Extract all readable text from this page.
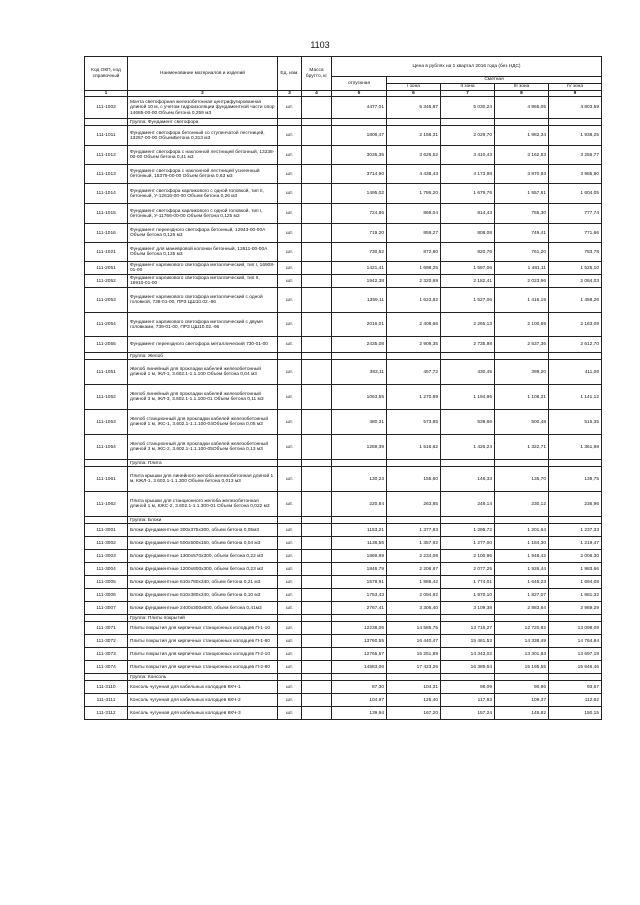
1103
Код ОКП, код справочный	Наименование материалов и изделий	Ед. изм.	Масса брутто, кг	Цена в рублях на 1 квартал 2016 года (без НДС)				
				отпускная	Сметная			
					I зона	II зона	III зона	IV зона
1	2	3	4	5	6	7	8	9
111-1002	Мачта светофорная железобетонная центрифугированная длиной 10 м, с учетом гидроизоляции фундаментной части опор 14685-00-00 Объем бетона 0,259 м3	шт.		4477,01	5 346,87	5 030,24	4 965,05	4 803,59
	Группа: Фундамент светофора							
111-1011	Фундамент светофора бетонный со ступенчатой лестницей, 13257-00-00 ОбъемБетона 0,313 м3	шт.		1806,47	2 158,31	2 029,70	1 982,34	1 938,25
111-1012	Фундамент светофора с наклонной лестницей бетонный, 13238-00-00 Объем бетона 0,41 м3	шт.		3035,35	3 626,52	3 410,43	3 162,83	3 256,77
111-1013	Фундамент светофора с наклонной лестницей усиленный бетонный, 15379-00-00 Объем бетона 0,63 м3	шт.		3714,90	4 438,43	4 173,98	3 870,93	3 985,90
111-1014	Фундамент светофора карликового с одной головкой, тип II, бетонный, У-12616-00-00 Объем бетона 0,26 м3	шт.		1495,02	1 786,20	1 679,76	1 557,81	1 604,05
111-1015	Фундамент светофора карликового с одной головкой, тип I, бетонный, У-11766-00-00 Объем бетона 0,125 м3	шт.		724,86	866,04	814,43	755,30	777,74
111-1016	Фундамент переездного светофора бетонный, 12943-00-00А Объем бетона 0,125 м3	шт.		719,20	859,27	808,08	749,41	771,66
111-1021	Фундамент для маневровой колонки бетонный, 12611-00-00А Объем бетона 0,125 м3	шт.		730,52	872,80	820,76	761,20	783,78
111-2051	Фундамент карликового светофора металлический, тип I, 16908-01-00	шт.		1421,41	1 698,25	1 597,06	1 481,11	1 525,10
111-2052	Фундамент карликового светофора металлический, тип II, 16910-01-00	шт.		1942,38	2 320,69	2 182,41	2 023,96	2 084,03
111-2053	Фундамент карликового светофора металлический с одной головкой, 738-01-00, ПРЗ ЦШ10.02.-96	шт.		1359,11	1 623,82	1 527,06	1 416,19	1 458,26
111-2054	Фундамент карликового светофора металлический с двумя головками, 739-01-00, ПРЗ ЦШ10.02.-96	шт.		2016,01	2 408,66	2 265,13	2 100,69	2 163,09
111-2055	Фундамент переездного светофора металлический 730-01-00	шт.		2435,08	2 909,35	2 735,98	2 537,36	2 612,70
	Группа: Желоб							
111-1051	Желоб линейный для прокладки кабелей железобетонный длиной 1 м, ЖЛ-1, 3.602.1-1.1.100 Объем бетона 0,04 м3	шт.		383,11	457,72	430,45	399,20	411,06
111-1052	Желоб линейный для прокладки кабелей железобетонный длиной 3 м, ЖЛ-3, 3.602.1-1.1.100-01 Объем бетона 0,11 м3	шт.		1063,55	1 270,69	1 194,96	1 108,21	1 141,12
111-1053	Желоб станционный для прокладки кабелей железобетонный длиной 1 м, ЖС-1, 3.602.1-1.1.100-04Объем бетона 0,05 м3	шт.		480,31	573,85	539,66	500,48	515,35
111-1054	Желоб станционный для прокладки кабелей железобетонный длиной 3 м, ЖС-2, 3.602.1-1.1.100-05Объем бетона 0,13 м3	шт.		1269,39	1 516,62	1 426,24	1 322,71	1 361,98
	Группа: Плита							
111-1061	Плита крышки для линейного желоба железобетонная длиной 1 м, КЖЛ-1, 3.602.1-1.1.300 Объем бетона 0,013 м3	шт.		130,23	155,60	146,33	135,70	139,75
111-1062	Плита крышки для станционного желоба железобетонная длиной 1 м, КЖС-2, 3.602.1-1.1.300-01 Объем бетона 0,022 м3	шт.		220,84	263,85	248,14	230,12	236,96
	Группа: Блоки							
111-3001	Блоки фундаментные 300х375х300, объем бетона 0,05м3	шт.		1153,21	1 377,83	1 295,72	1 201,64	1 237,33
111-3002	Блоки фундаментные 500х500х150, объем бетона 0,04 м3	шт.		1136,56	1 357,92	1 277,00	1 184,30	1 219,47
111-3003	Блоки фундаментные 1300х570х300, объем бетона 0,22 м3	шт.		1869,89	2 234,08	2 100,96	1 948,42	2 006,30
111-3004	Блоки фундаментные 1200х800х300, объем бетона 0,23 м3	шт.		1846,79	2 206,87	2 077,25	1 926,44	1 983,66
111-3005	Блоки фундаментные 810х780х340, объем бетона 0,21 м3	шт.		1578,91	1 886,42	1 774,01	1 645,23	1 694,08
111-3006	Блоки фундаментные 810х380х340, объем бетона 0,10 м3	шт.		1753,43	2 094,92	1 970,10	1 827,07	1 881,32
111-3007	Блоки фундаментные 2400х300х600, объем бетона 0,41м3	шт.		2767,41	3 306,40	3 109,38	2 883,64	2 969,29
	Группа: Плиты покрытий							
111-3071	Плиты покрытия для кирпичных станционных колодцев П-1-10	шт.		12238,06	14 585,75	13 716,27	12 720,82	13 098,09
111-3072	Плиты покрытия для кирпичных станционных колодцев П-1-80	шт.		13760,55	16 440,47	15 461,53	14 338,49	14 764,84
111-3073	Плиты покрытия для кирпичных станционных колодцев П-2-10	шт.		12765,57	15 251,89	14 343,02	13 301,83	13 697,18
111-3074	Плиты покрытия для кирпичных станционных колодцев П-2-80	шт.		14583,06	17 423,25	16 385,54	15 195,55	15 646,46
	Группа: Консоль							
111-3110	Консоль чугунная для кабельных колодцев ККЧ-1	шт.		87,30	104,31	98,09	90,96	93,67
111-3111	Консоль чугунная для кабельных колодцев ККЧ-2	шт.		104,97	125,40	117,93	109,37	112,62
111-3112	Консоль чугунная для кабельных колодцев ККЧ-3	шт.		139,94	167,20	157,24	145,82	150,15
